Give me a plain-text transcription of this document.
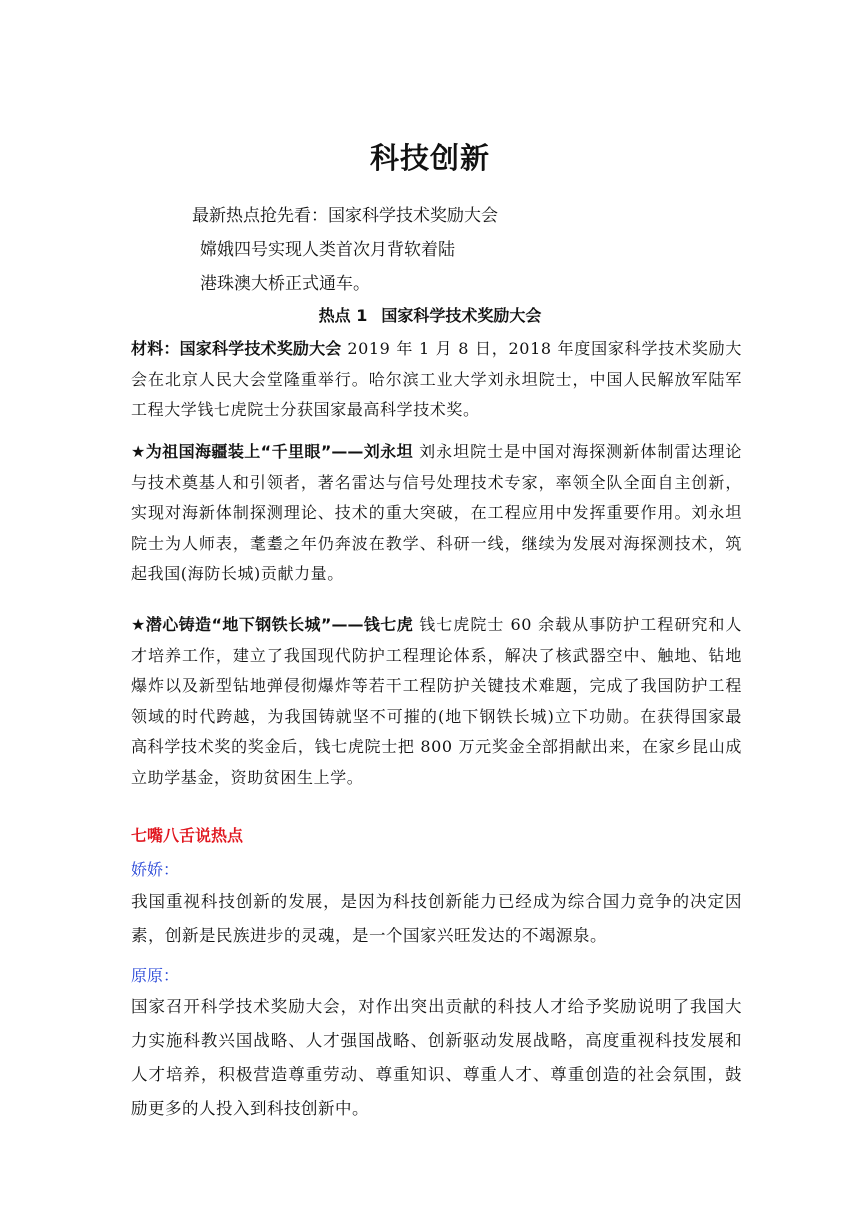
科技创新
最新热点抢先看：国家科学技术奖励大会
嫦娥四号实现人类首次月背软着陆
港珠澳大桥正式通车。
热点 1 国家科学技术奖励大会
材料：国家科学技术奖励大会 2019 年 1 月 8 日，2018 年度国家科学技术奖励大会在北京人民大会堂隆重举行。哈尔滨工业大学刘永坦院士，中国人民解放军陆军工程大学钱七虎院士分获国家最高科学技术奖。
★为祖国海疆装上“千里眼”——刘永坦 刘永坦院士是中国对海探测新体制雷达理论与技术奠基人和引领者，著名雷达与信号处理技术专家，率领全队全面自主创新，实现对海新体制探测理论、技术的重大突破，在工程应用中发挥重要作用。刘永坦院士为人师表，耄耋之年仍奔波在教学、科研一线，继续为发展对海探测技术，筑起我国(海防长城)贡献力量。
★潜心铸造“地下钢铁长城”——钱七虎 钱七虎院士 60 余载从事防护工程研究和人才培养工作，建立了我国现代防护工程理论体系，解决了核武器空中、触地、钻地爆炸以及新型钻地弹侵彻爆炸等若干工程防护关键技术难题，完成了我国防护工程领域的时代跨越，为我国铸就坚不可摧的(地下钢铁长城)立下功勋。在获得国家最高科学技术奖的奖金后，钱七虎院士把 800 万元奖金全部捐献出来，在家乡昆山成立助学基金，资助贫困生上学。
七嘴八舌说热点
娇娇：
我国重视科技创新的发展，是因为科技创新能力已经成为综合国力竞争的决定因素，创新是民族进步的灵魂，是一个国家兴旺发达的不竭源泉。
原原：
国家召开科学技术奖励大会，对作出突出贡献的科技人才给予奖励说明了我国大力实施科教兴国战略、人才强国战略、创新驱动发展战略，高度重视科技发展和人才培养，积极营造尊重劳动、尊重知识、尊重人才、尊重创造的社会氛围，鼓励更多的人投入到科技创新中。
